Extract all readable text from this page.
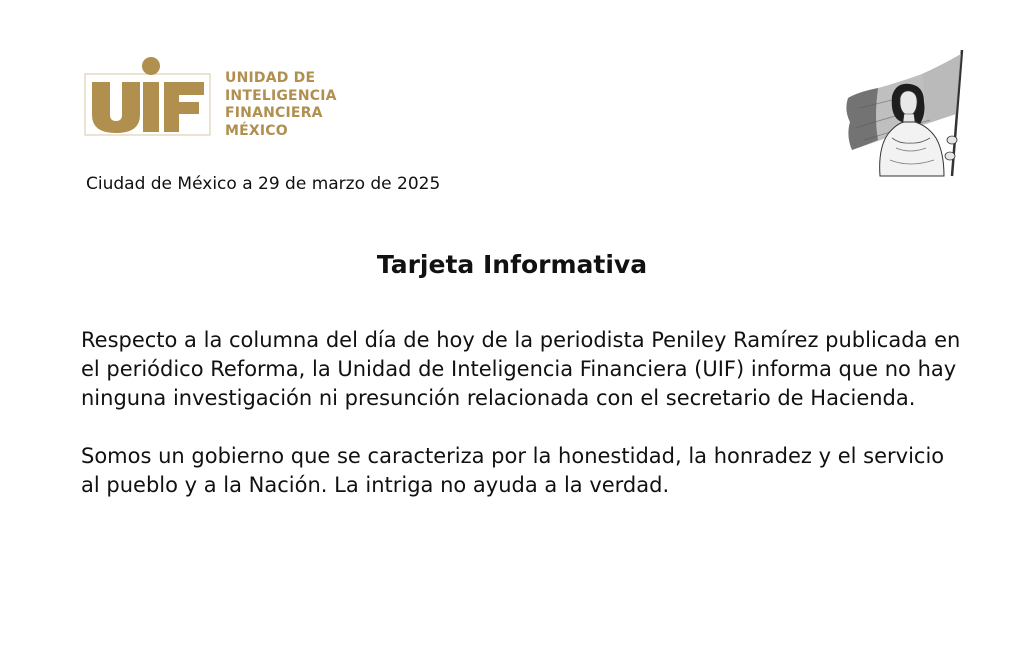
UNIDAD DE
INTELIGENCIA
FINANCIERA
MÉXICO
Ciudad de México a 29 de marzo de 2025
Tarjeta Informativa

Respecto a la columna del día de hoy de la periodista Peniley Ramírez publicada en el periódico Reforma, la Unidad de Inteligencia Financiera (UIF) informa que no hay ninguna investigación ni presunción relacionada con el secretario de Hacienda.

Somos un gobierno que se caracteriza por la honestidad, la honradez y el servicio al pueblo y a la Nación. La intriga no ayuda a la verdad.
